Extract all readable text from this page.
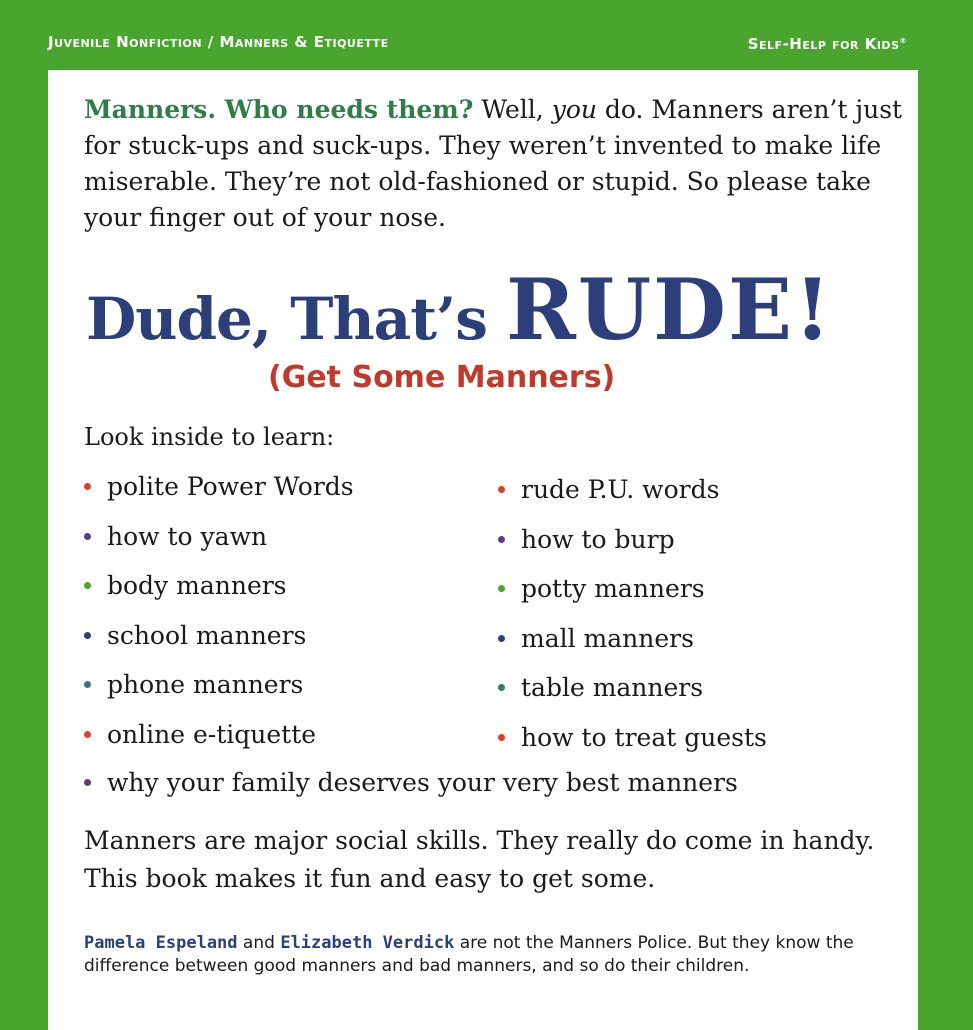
Juvenile Nonfiction / Manners & Etiquette	Self-Help for Kids®
Manners. Who needs them? Well, you do. Manners aren’t just for stuck-ups and suck-ups. They weren’t invented to make life miserable. They’re not old-fashioned or stupid. So please take your finger out of your nose.
Dude, That’s RUDE!
(Get Some Manners)
Look inside to learn:
polite Power Words
how to yawn
body manners
school manners
phone manners
online e-tiquette
rude P.U. words
how to burp
potty manners
mall manners
table manners
how to treat guests
why your family deserves your very best manners
Manners are major social skills. They really do come in handy. This book makes it fun and easy to get some.
Pamela Espeland and Elizabeth Verdick are not the Manners Police. But they know the difference between good manners and bad manners, and so do their children.
